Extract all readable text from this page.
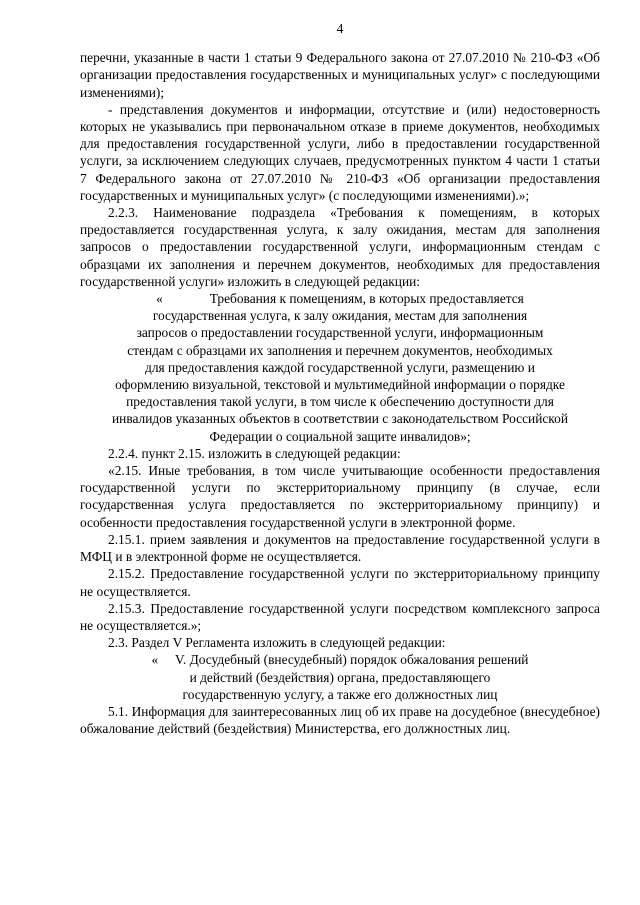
4

перечни, указанные в части 1 статьи 9 Федерального закона от 27.07.2010 № 210-ФЗ «Об организации предоставления государственных и муниципальных услуг» с последующими изменениями);

- представления документов и информации, отсутствие и (или) недостоверность которых не указывались при первоначальном отказе в приеме документов, необходимых для предоставления государственной услуги, либо в предоставлении государственной услуги, за исключением следующих случаев, предусмотренных пунктом 4 части 1 статьи 7 Федерального закона от 27.07.2010 № 210-ФЗ «Об организации предоставления государственных и муниципальных услуг» (с последующими изменениями).»;

2.2.3. Наименование подраздела «Требования к помещениям, в которых предоставляется государственная услуга, к залу ожидания, местам для заполнения запросов о предоставлении государственной услуги, информационным стендам с образцами их заполнения и перечнем документов, необходимых для предоставления государственной услуги» изложить в следующей редакции:

«              Требования к помещениям, в которых предоставляется
государственная услуга, к залу ожидания, местам для заполнения
запросов о предоставлении государственной услуги, информационным
стендам с образцами их заполнения и перечнем документов, необходимых
для предоставления каждой государственной услуги, размещению и
оформлению визуальной, текстовой и мультимедийной информации о порядке
предоставления такой услуги, в том числе к обеспечению доступности для
инвалидов указанных объектов в соответствии с законодательством Российской
Федерации о социальной защите инвалидов»;

2.2.4. пункт 2.15. изложить в следующей редакции:

«2.15. Иные требования, в том числе учитывающие особенности предоставления государственной услуги по экстерриториальному принципу (в случае, если государственная услуга предоставляется по экстерриториальному принципу) и особенности предоставления государственной услуги в электронной форме.

2.15.1. прием заявления и документов на предоставление государственной услуги в МФЦ и в электронной форме не осуществляется.

2.15.2. Предоставление государственной услуги по экстерриториальному принципу не осуществляется.

2.15.3. Предоставление государственной услуги посредством комплексного запроса не осуществляется.»;

2.3. Раздел V Регламента изложить в следующей редакции:

«     V. Досудебный (внесудебный) порядок обжалования решений
и действий (бездействия) органа, предоставляющего
государственную услугу, а также его должностных лиц

5.1. Информация для заинтересованных лиц об их праве на досудебное (внесудебное) обжалование действий (бездействия) Министерства, его должностных лиц.
